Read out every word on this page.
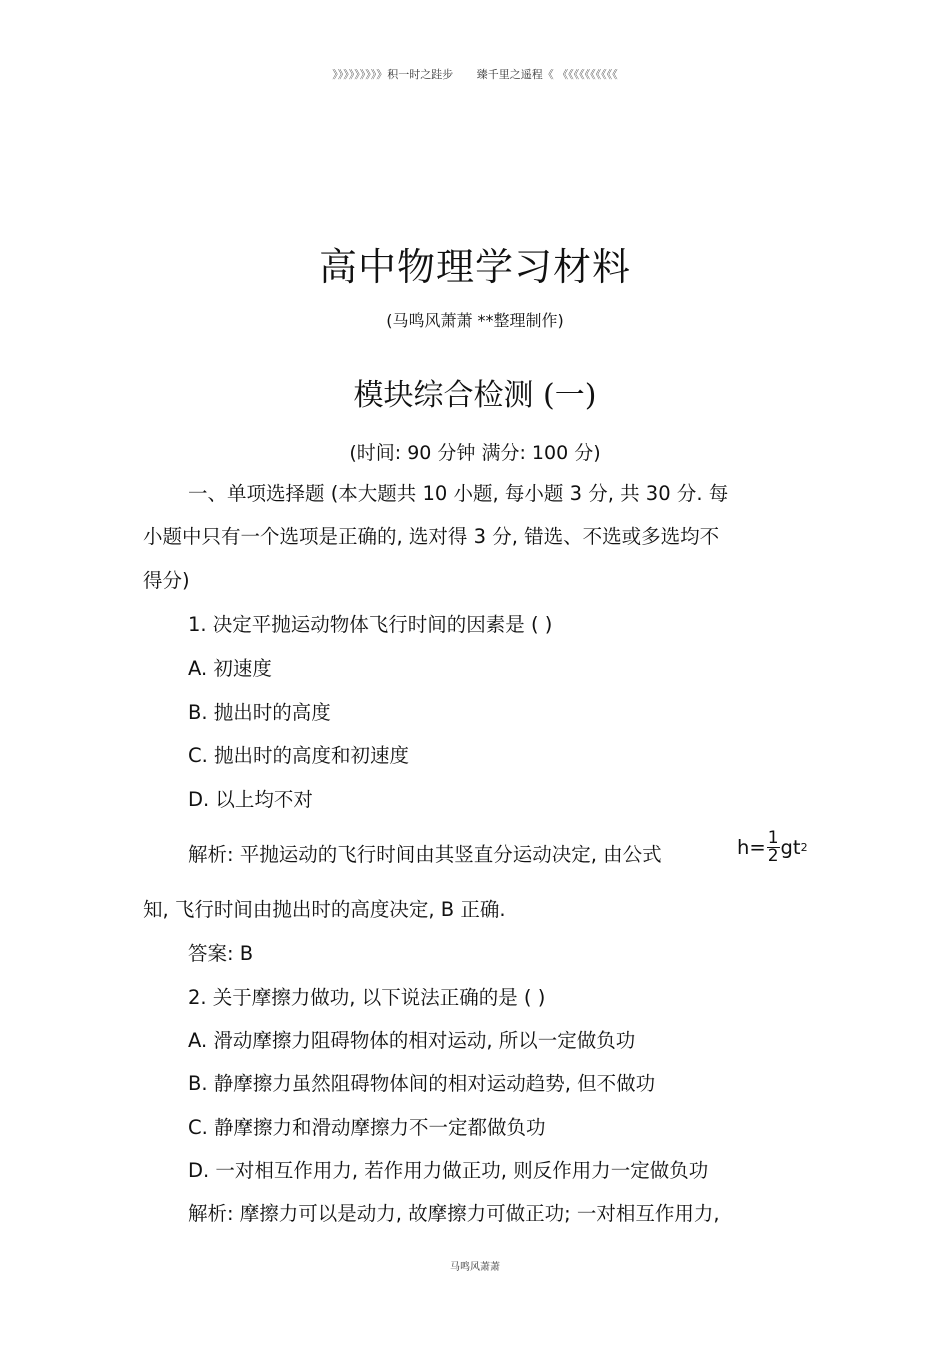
》》》》》》》》》积一时之跬步 臻千里之遥程《 《《《《《《《《《《
高中物理学习材料
(马鸣风萧萧 **整理制作)
模块综合检测 (一)
(时间: 90 分钟 满分: 100 分)
一、单项选择题 (本大题共 10 小题, 每小题 3 分, 共 30 分. 每
小题中只有一个选项是正确的, 选对得 3 分, 错选、不选或多选均不
得分)
1. 决定平抛运动物体飞行时间的因素是 ( )
A. 初速度
B. 抛出时的高度
C. 抛出时的高度和初速度
D. 以上均不对
解析: 平抛运动的飞行时间由其竖直分运动决定, 由公式	$h= \frac{1}{2}$ gt 2
知, 飞行时间由抛出时的高度决定, B 正确.
答案: B
2. 关于摩擦力做功, 以下说法正确的是 ( )
A. 滑动摩擦力阻碍物体的相对运动, 所以一定做负功
B. 静摩擦力虽然阻碍物体间的相对运动趋势, 但不做功
C. 静摩擦力和滑动摩擦力不一定都做负功
D. 一对相互作用力, 若作用力做正功, 则反作用力一定做负功
解析: 摩擦力可以是动力, 故摩擦力可做正功; 一对相互作用力,
马鸣风萧萧
